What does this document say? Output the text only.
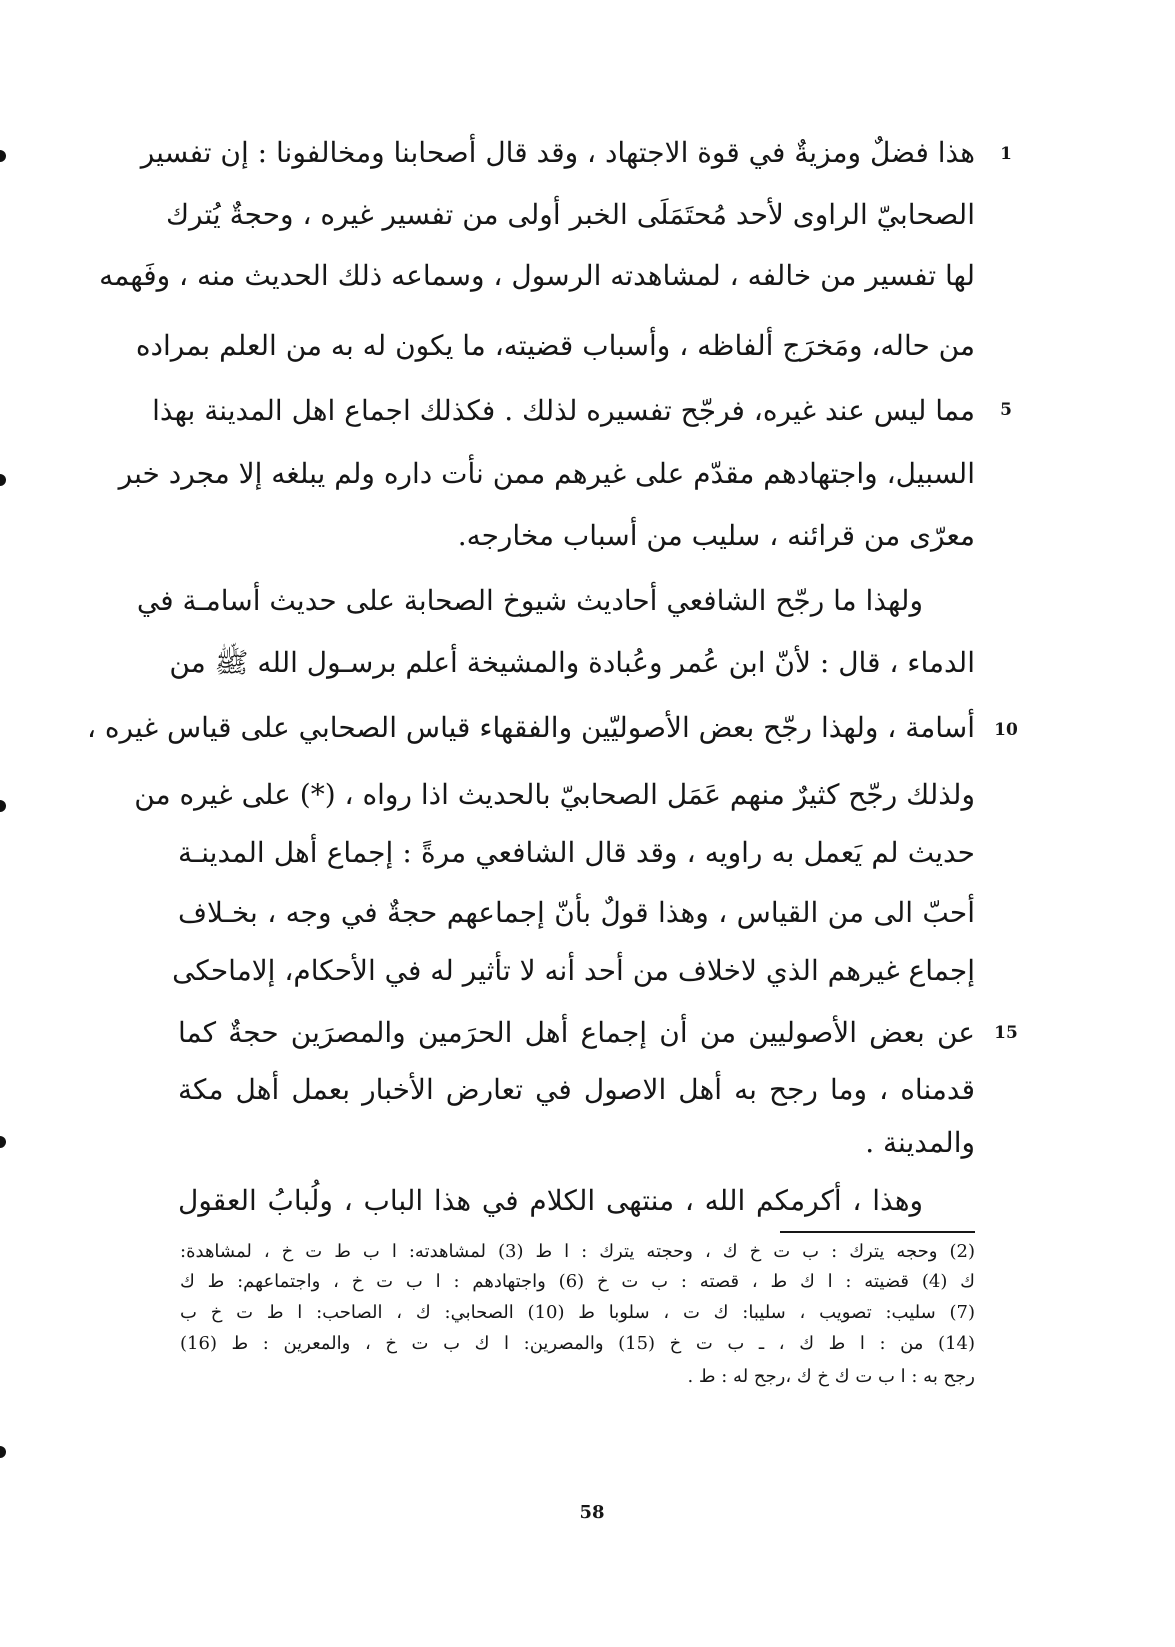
هذا فضلٌ ومزيةٌ في قوة الاجتهاد ، وقد قال أصحابنا ومخالفونا : إن تفسير
الصحابيّ الراوى لأحد مُحتَمَلَى الخبر أولى من تفسير غيره ، وحجةٌ يُترك
لها تفسير من خالفه ، لمشاهدته الرسول ، وسماعه ذلك الحديث منه ، وفَهمه
من حاله، ومَخرَج ألفاظه ، وأسباب قضيته، ما يكون له به من العلم بمراده
مما ليس عند غيره، فرجّح تفسيره لذلك . فكذلك اجماع اهل المدينة بهذا
السبيل، واجتهادهم مقدّم على غيرهم ممن نأت داره ولم يبلغه إلا مجرد خبر
معرّى من قرائنه ، سليب من أسباب مخارجه.
ولهذا ما رجّح الشافعي أحاديث شيوخ الصحابة على حديث أسامـة في
الدماء ، قال : لأنّ ابن عُمر وعُبادة والمشيخة أعلم برسـول الله ﷺ من
أسامة ، ولهذا رجّح بعض الأصوليّين والفقهاء قياس الصحابي على قياس غيره ،
ولذلك رجّح كثيرٌ منهم عَمَل الصحابيّ بالحديث اذا رواه ، (*) على غيره من
حديث لم يَعمل به راويه ، وقد قال الشافعي مرةً : إجماع أهل المدينـة
أحبّ الى من القياس ، وهذا قولٌ بأنّ إجماعهم حجةٌ في وجه ، بخـلاف
إجماع غيرهم الذي لاخلاف من أحد أنه لا تأثير له في الأحكام، إلاماحكى
عن بعض الأصوليين من أن إجماع أهل الحرَمين والمصرَين حجةٌ كما
قدمناه ، وما رجح به أهل الاصول في تعارض الأخبار بعمل أهل مكة
والمدينة .
وهذا ، أكرمكم الله ، منتهى الكلام في هذا الباب ، ولُبابُ العقول
1
5
10
15
(2) وحجه يترك : ب ت خ ك ، وحجته يترك : ا ط (3) لمشاهدته: ا ب ط ت خ ، لمشاهدة:
ك (4) قضيته : ا ك ط ، قصته : ب ت خ (6) واجتهادهم : ا ب ت خ ، واجتماعهم: ط ك
(7) سليب: تصويب ، سليبا: ك ت ، سلوبا ط (10) الصحابي: ك ، الصاحب: ا ط ت خ ب
(14) من : ا ط ك ، ـ ب ت خ (15) والمصرين: ا ك ب ت خ ، والمعرين : ط (16)
رجح به : ا ب ت ك خ ك ،رجح له : ط .
58
